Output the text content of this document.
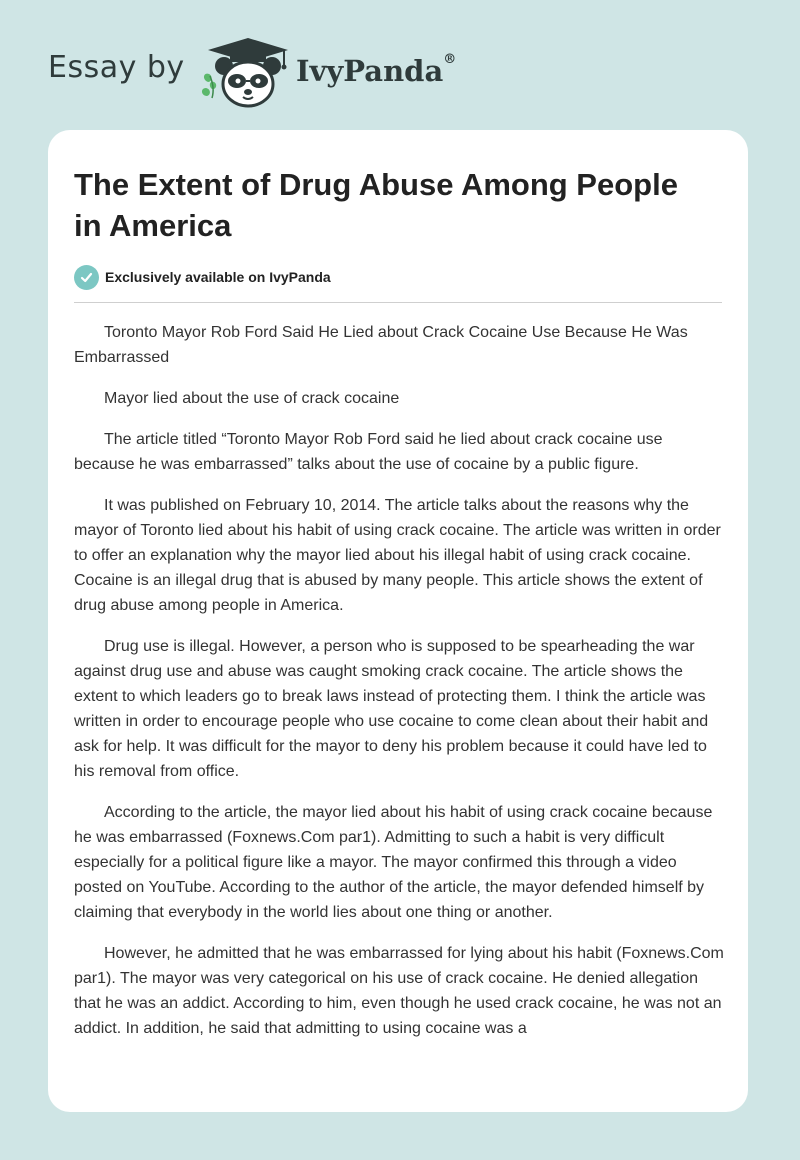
Essay by	IvyPanda®
The Extent of Drug Abuse Among People in America
Exclusively available on IvyPanda

Toronto Mayor Rob Ford Said He Lied about Crack Cocaine Use Because He Was Embarrassed

Mayor lied about the use of crack cocaine

The article titled “Toronto Mayor Rob Ford said he lied about crack cocaine use because he was embarrassed” talks about the use of cocaine by a public figure.

It was published on February 10, 2014. The article talks about the reasons why the mayor of Toronto lied about his habit of using crack cocaine. The article was written in order to offer an explanation why the mayor lied about his illegal habit of using crack cocaine. Cocaine is an illegal drug that is abused by many people. This article shows the extent of drug abuse among people in America.

Drug use is illegal. However, a person who is supposed to be spearheading the war against drug use and abuse was caught smoking crack cocaine. The article shows the extent to which leaders go to break laws instead of protecting them. I think the article was written in order to encourage people who use cocaine to come clean about their habit and ask for help. It was difficult for the mayor to deny his problem because it could have led to his removal from office.

According to the article, the mayor lied about his habit of using crack cocaine because he was embarrassed (Foxnews.Com par1). Admitting to such a habit is very difficult especially for a political figure like a mayor. The mayor confirmed this through a video posted on YouTube. According to the author of the article, the mayor defended himself by claiming that everybody in the world lies about one thing or another.

However, he admitted that he was embarrassed for lying about his habit (Foxnews.Com par1). The mayor was very categorical on his use of crack cocaine. He denied allegation that he was an addict. According to him, even though he used crack cocaine, he was not an addict. In addition, he said that admitting to using cocaine was a
